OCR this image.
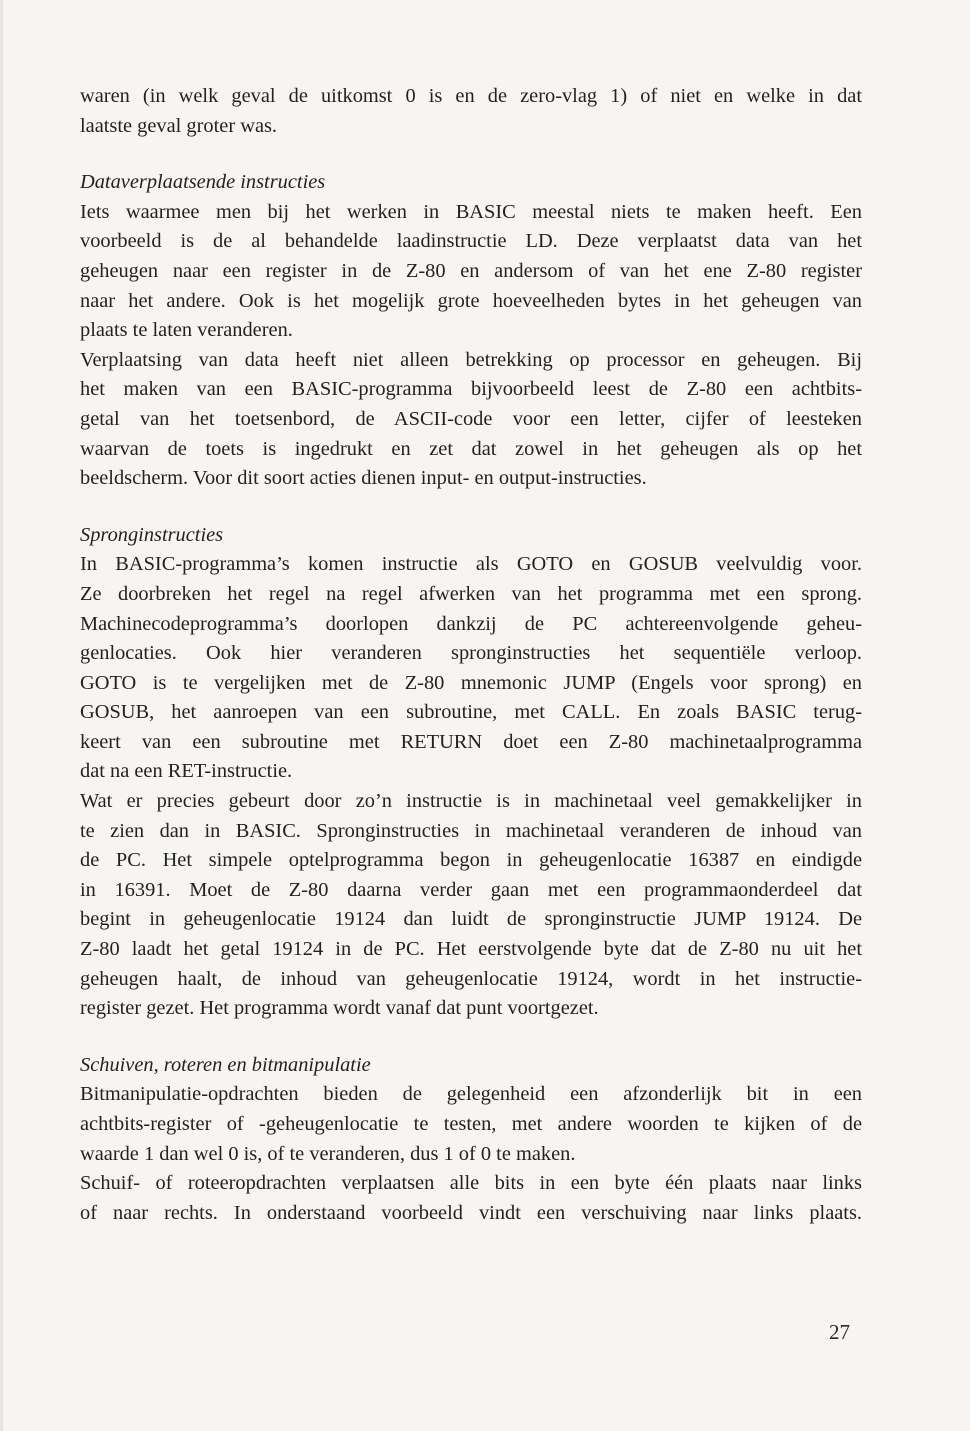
waren (in welk geval de uitkomst 0 is en de zero-vlag 1) of niet en welke in dat
laatste geval groter was.
Dataverplaatsende instructies
Iets waarmee men bij het werken in BASIC meestal niets te maken heeft. Een
voorbeeld is de al behandelde laadinstructie LD. Deze verplaatst data van het
geheugen naar een register in de Z-80 en andersom of van het ene Z-80 register
naar het andere. Ook is het mogelijk grote hoeveelheden bytes in het geheugen van
plaats te laten veranderen.
Verplaatsing van data heeft niet alleen betrekking op processor en geheugen. Bij
het maken van een BASIC-programma bijvoorbeeld leest de Z-80 een achtbits-
getal van het toetsenbord, de ASCII-code voor een letter, cijfer of leesteken
waarvan de toets is ingedrukt en zet dat zowel in het geheugen als op het
beeldscherm. Voor dit soort acties dienen input- en output-instructies.
Spronginstructies
In BASIC-programma’s komen instructie als GOTO en GOSUB veelvuldig voor.
Ze doorbreken het regel na regel afwerken van het programma met een sprong.
Machinecodeprogramma’s doorlopen dankzij de PC achtereenvolgende geheu-
genlocaties. Ook hier veranderen spronginstructies het sequentiële verloop.
GOTO is te vergelijken met de Z-80 mnemonic JUMP (Engels voor sprong) en
GOSUB, het aanroepen van een subroutine, met CALL. En zoals BASIC terug-
keert van een subroutine met RETURN doet een Z-80 machinetaalprogramma
dat na een RET-instructie.
Wat er precies gebeurt door zo’n instructie is in machinetaal veel gemakkelijker in
te zien dan in BASIC. Spronginstructies in machinetaal veranderen de inhoud van
de PC. Het simpele optelprogramma begon in geheugenlocatie 16387 en eindigde
in 16391. Moet de Z-80 daarna verder gaan met een programmaonderdeel dat
begint in geheugenlocatie 19124 dan luidt de spronginstructie JUMP 19124. De
Z-80 laadt het getal 19124 in de PC. Het eerstvolgende byte dat de Z-80 nu uit het
geheugen haalt, de inhoud van geheugenlocatie 19124, wordt in het instructie-
register gezet. Het programma wordt vanaf dat punt voortgezet.
Schuiven, roteren en bitmanipulatie
Bitmanipulatie-opdrachten bieden de gelegenheid een afzonderlijk bit in een
achtbits-register of -geheugenlocatie te testen, met andere woorden te kijken of de
waarde 1 dan wel 0 is, of te veranderen, dus 1 of 0 te maken.
Schuif- of roteeropdrachten verplaatsen alle bits in een byte één plaats naar links
of naar rechts. In onderstaand voorbeeld vindt een verschuiving naar links plaats.
27
